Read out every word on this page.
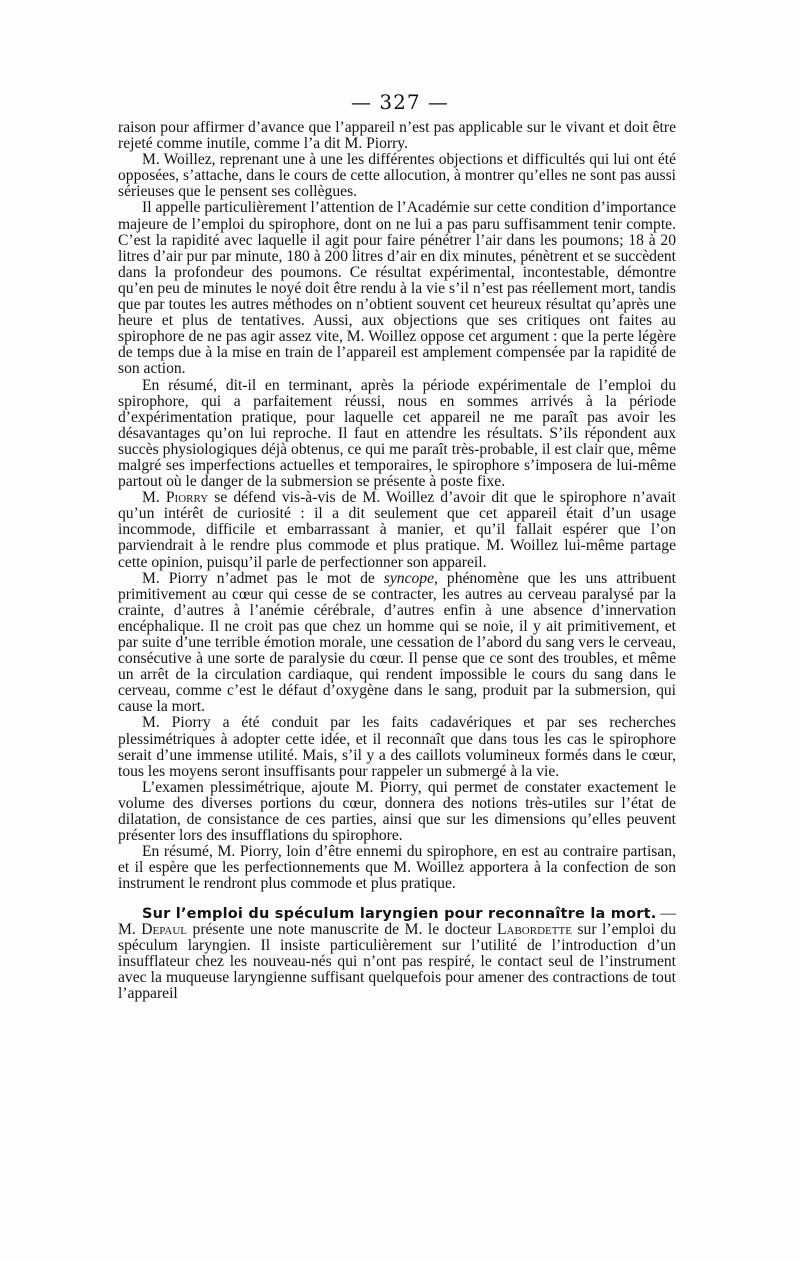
— 327 —

raison pour affirmer d’avance que l’appareil n’est pas applicable sur le vivant et doit être rejeté comme inutile, comme l’a dit M. Piorry.

M. Woillez, reprenant une à une les différentes objections et difficultés qui lui ont été opposées, s’attache, dans le cours de cette allocution, à montrer qu’elles ne sont pas aussi sérieuses que le pensent ses collègues.

Il appelle particulièrement l’attention de l’Académie sur cette condition d’importance majeure de l’emploi du spirophore, dont on ne lui a pas paru suffisamment tenir compte. C’est la rapidité avec laquelle il agit pour faire pénétrer l’air dans les poumons; 18 à 20 litres d’air pur par minute, 180 à 200 litres d’air en dix minutes, pénètrent et se succèdent dans la profondeur des poumons. Ce résultat expérimental, incontestable, démontre qu’en peu de minutes le noyé doit être rendu à la vie s’il n’est pas réellement mort, tandis que par toutes les autres méthodes on n’obtient souvent cet heureux résultat qu’après une heure et plus de tentatives. Aussi, aux objections que ses critiques ont faites au spirophore de ne pas agir assez vite, M. Woillez oppose cet argument : que la perte légère de temps due à la mise en train de l’appareil est amplement compensée par la rapidité de son action.

En résumé, dit-il en terminant, après la période expérimentale de l’emploi du spirophore, qui a parfaitement réussi, nous en sommes arrivés à la période d’expérimentation pratique, pour laquelle cet appareil ne me paraît pas avoir les désavantages qu’on lui reproche. Il faut en attendre les résultats. S’ils répondent aux succès physiologiques déjà obtenus, ce qui me paraît très-probable, il est clair que, même malgré ses imperfections actuelles et temporaires, le spirophore s’imposera de lui-même partout où le danger de la submersion se présente à poste fixe.

M. Piorry se défend vis-à-vis de M. Woillez d’avoir dit que le spirophore n’avait qu’un intérêt de curiosité : il a dit seulement que cet appareil était d’un usage incommode, difficile et embarrassant à manier, et qu’il fallait espérer que l’on parviendrait à le rendre plus commode et plus pratique. M. Woillez lui-même partage cette opinion, puisqu’il parle de perfectionner son appareil.

M. Piorry n’admet pas le mot de syncope, phénomène que les uns attribuent primitivement au cœur qui cesse de se contracter, les autres au cerveau paralysé par la crainte, d’autres à l’anémie cérébrale, d’autres enfin à une absence d’innervation encéphalique. Il ne croit pas que chez un homme qui se noie, il y ait primitivement, et par suite d’une terrible émotion morale, une cessation de l’abord du sang vers le cerveau, consécutive à une sorte de paralysie du cœur. Il pense que ce sont des troubles, et même un arrêt de la circulation cardiaque, qui rendent impossible le cours du sang dans le cerveau, comme c’est le défaut d’oxygène dans le sang, produit par la submersion, qui cause la mort.

M. Piorry a été conduit par les faits cadavériques et par ses recherches plessimétriques à adopter cette idée, et il reconnaît que dans tous les cas le spirophore serait d’une immense utilité. Mais, s’il y a des caillots volumineux formés dans le cœur, tous les moyens seront insuffisants pour rappeler un submergé à la vie.

L’examen plessimétrique, ajoute M. Piorry, qui permet de constater exactement le volume des diverses portions du cœur, donnera des notions très-utiles sur l’état de dilatation, de consistance de ces parties, ainsi que sur les dimensions qu’elles peuvent présenter lors des insufflations du spirophore.

En résumé, M. Piorry, loin d’être ennemi du spirophore, en est au contraire partisan, et il espère que les perfectionnements que M. Woillez apportera à la confection de son instrument le rendront plus commode et plus pratique.

Sur l’emploi du spéculum laryngien pour reconnaître la mort. — M. Depaul présente une note manuscrite de M. le docteur Labordette sur l’emploi du spéculum laryngien. Il insiste particulièrement sur l’utilité de l’introduction d’un insufflateur chez les nouveau-nés qui n’ont pas respiré, le contact seul de l’instrument avec la muqueuse laryngienne suffisant quelquefois pour amener des contractions de tout l’appareil
